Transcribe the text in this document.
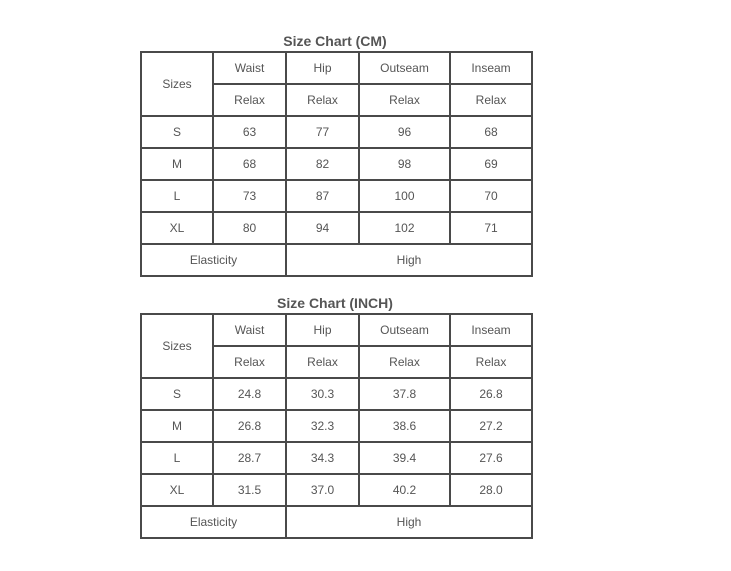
Size Chart (CM)
Sizes	Waist	Hip	Outseam	Inseam
	Relax	Relax	Relax	Relax
S	63	77	96	68
M	68	82	98	69
L	73	87	100	70
XL	80	94	102	71
Elasticity		High		
Size Chart (INCH)
Sizes	Waist	Hip	Outseam	Inseam
	Relax	Relax	Relax	Relax
S	24.8	30.3	37.8	26.8
M	26.8	32.3	38.6	27.2
L	28.7	34.3	39.4	27.6
XL	31.5	37.0	40.2	28.0
Elasticity		High		
